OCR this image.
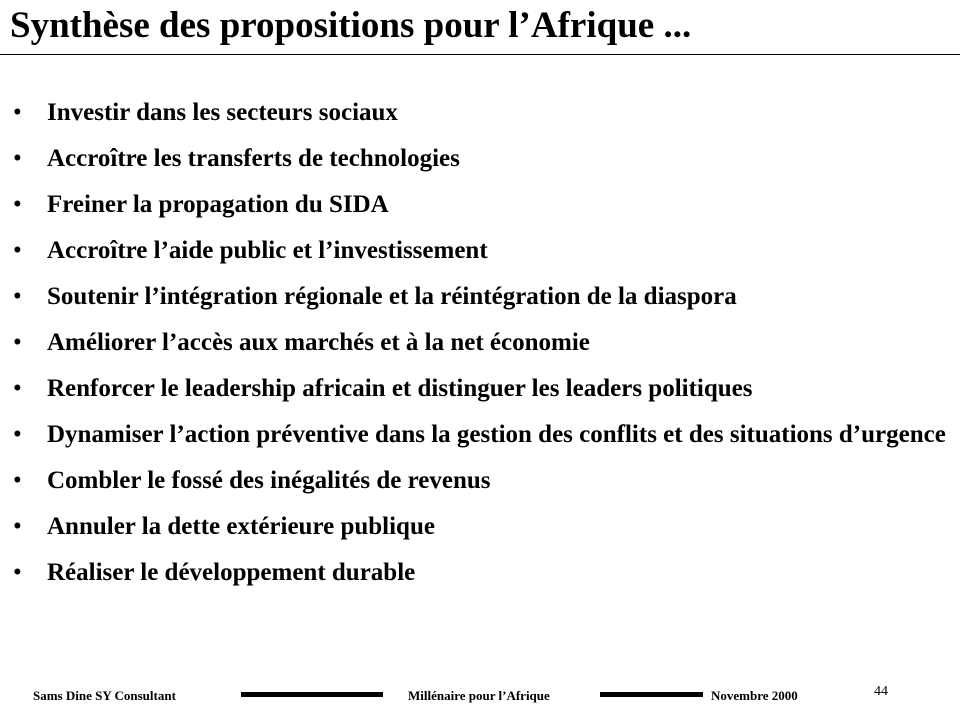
Synthèse des propositions pour l’Afrique ...
• Investir dans les secteurs sociaux
• Accroître les transferts de technologies
• Freiner la propagation du SIDA
• Accroître l’aide public et l’investissement
• Soutenir l’intégration régionale et la réintégration de la diaspora
• Améliorer l’accès aux marchés et à la net économie
• Renforcer le leadership africain et distinguer les leaders politiques
• Dynamiser l’action préventive dans la gestion des conflits et des situations d’urgence
• Combler le fossé des inégalités de revenus
• Annuler la dette extérieure publique
• Réaliser le développement durable
Sams Dine SY Consultant	Millénaire pour l’Afrique	Novembre 2000	44
